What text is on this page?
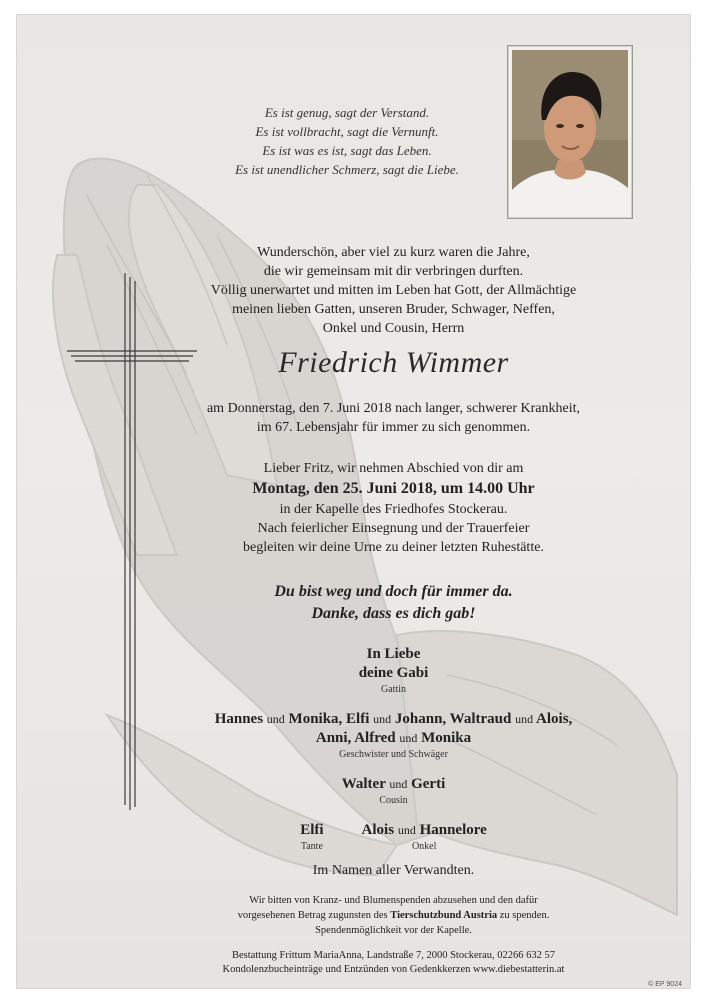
Es ist genug, sagt der Verstand.
Es ist vollbracht, sagt die Vernunft.
Es ist was es ist, sagt das Leben.
Es ist unendlicher Schmerz, sagt die Liebe.
Wunderschön, aber viel zu kurz waren die Jahre,
die wir gemeinsam mit dir verbringen durften.
Völlig unerwartet und mitten im Leben hat Gott, der Allmächtige
meinen lieben Gatten, unseren Bruder, Schwager, Neffen,
Onkel und Cousin, Herrn
Friedrich Wimmer
am Donnerstag, den 7. Juni 2018 nach langer, schwerer Krankheit,
im 67. Lebensjahr für immer zu sich genommen.
Lieber Fritz, wir nehmen Abschied von dir am
Montag, den 25. Juni 2018, um 14.00 Uhr
in der Kapelle des Friedhofes Stockerau.
Nach feierlicher Einsegnung und der Trauerfeier
begleiten wir deine Urne zu deiner letzten Ruhestätte.
Du bist weg und doch für immer da.
Danke, dass es dich gab!
In Liebe
deine Gabi
Gattin
Hannes und Monika, Elfi und Johann, Waltraud und Alois,
Anni, Alfred und Monika
Geschwister und Schwäger
Walter und Gerti
Cousin
Elfi
Tante

Alois und Hannelore
Onkel
Im Namen aller Verwandten.
Wir bitten von Kranz- und Blumenspenden abzusehen und den dafür
vorgesehenen Betrag zugunsten des Tierschutzbund Austria zu spenden.
Spendenmöglichkeit vor der Kapelle.
Bestattung Frittum MariaAnna, Landstraße 7, 2000 Stockerau, 02266 632 57
Kondolenzbucheinträge und Entzünden von Gedenkkerzen www.diebestatterin.at
© EP 9024
